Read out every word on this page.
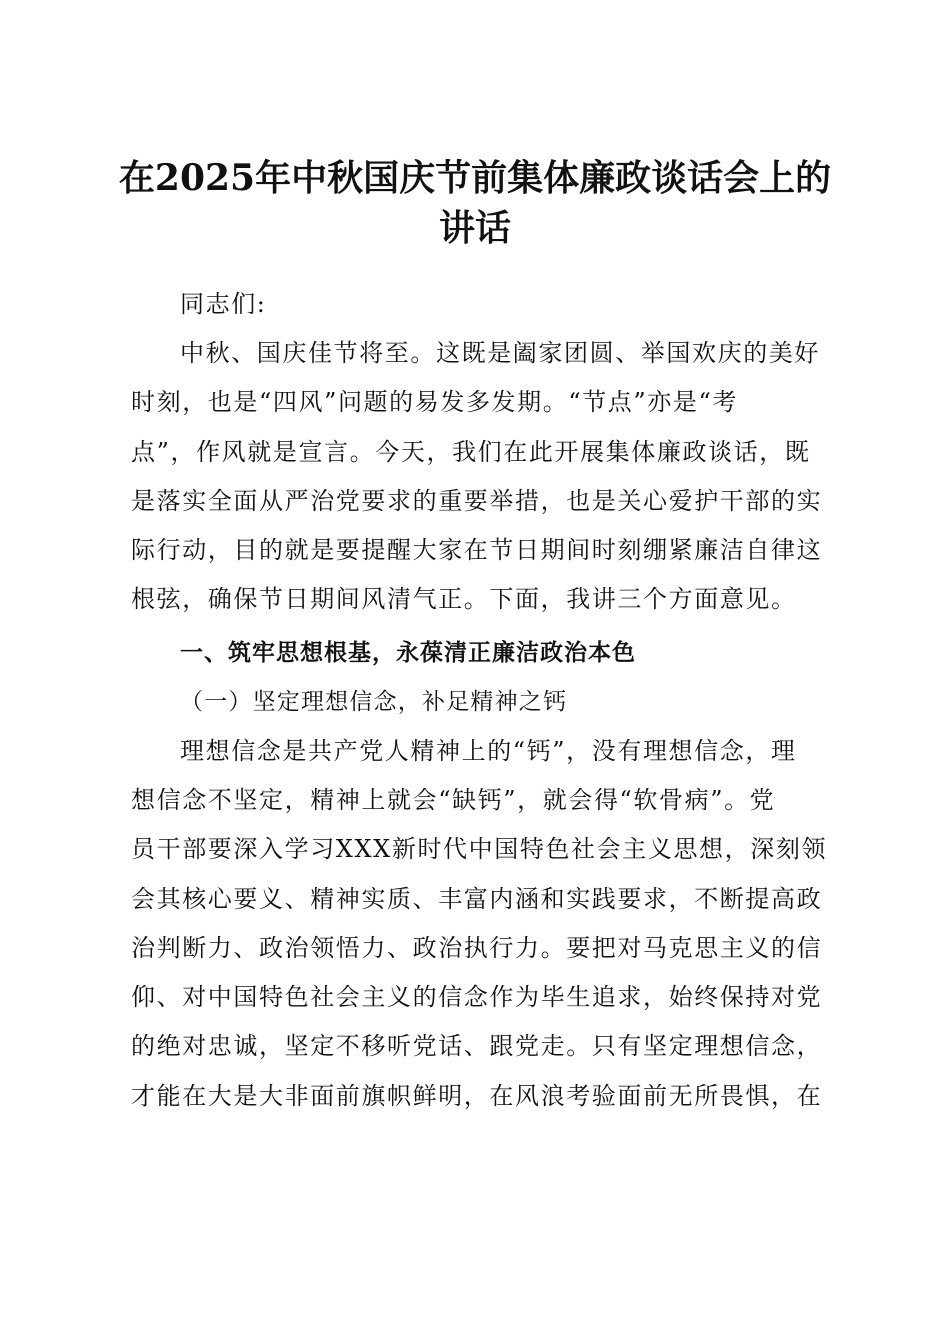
在2025年中秋国庆节前集体廉政谈话会上的
讲话
同志们:
中秋、国庆佳节将至。这既是阖家团圆、举国欢庆的美好
时刻，也是“四风”问题的易发多发期。“节点”亦是“考
点”，作风就是宣言。今天，我们在此开展集体廉政谈话，既
是落实全面从严治党要求的重要举措，也是关心爱护干部的实
际行动，目的就是要提醒大家在节日期间时刻绷紧廉洁自律这
根弦，确保节日期间风清气正。下面，我讲三个方面意见。
一、筑牢思想根基，永葆清正廉洁政治本色
（一）坚定理想信念，补足精神之钙
理想信念是共产党人精神上的“钙”，没有理想信念，理
想信念不坚定，精神上就会“缺钙”，就会得“软骨病”。党
员干部要深入学习XXX新时代中国特色社会主义思想，深刻领
会其核心要义、精神实质、丰富内涵和实践要求，不断提高政
治判断力、政治领悟力、政治执行力。要把对马克思主义的信
仰、对中国特色社会主义的信念作为毕生追求，始终保持对党
的绝对忠诚，坚定不移听党话、跟党走。只有坚定理想信念，
才能在大是大非面前旗帜鲜明，在风浪考验面前无所畏惧，在
